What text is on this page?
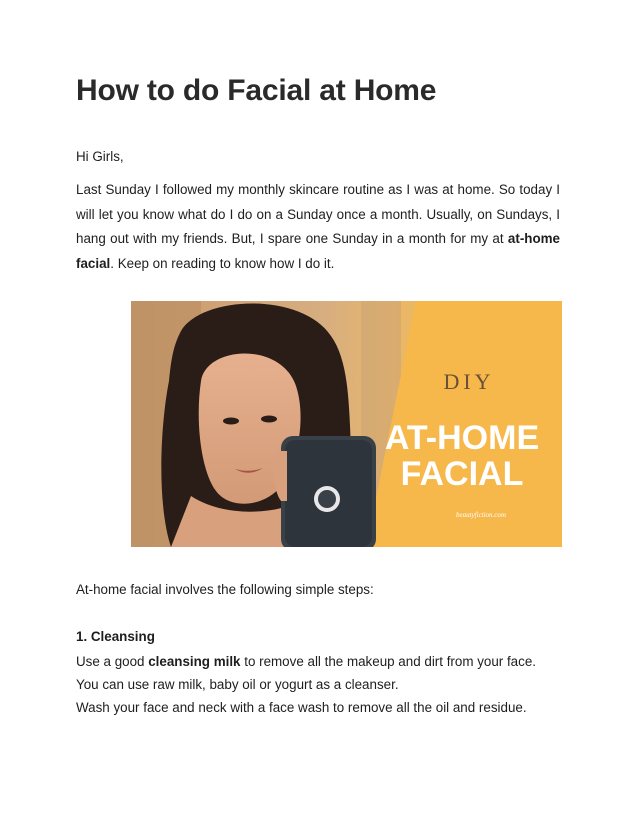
How to do Facial at Home

Hi Girls,

Last Sunday I followed my monthly skincare routine as I was at home. So today I will let you know what do I do on a Sunday once a month. Usually, on Sundays, I hang out with my friends. But, I spare one Sunday in a month for my at at-home facial. Keep on reading to know how I do it.

DIY
AT-HOME
FACIAL
beautyfiction.com

At-home facial involves the following simple steps:

1. Cleansing

Use a good cleansing milk to remove all the makeup and dirt from your face.

You can use raw milk, baby oil or yogurt as a cleanser.

Wash your face and neck with a face wash to remove all the oil and residue.
